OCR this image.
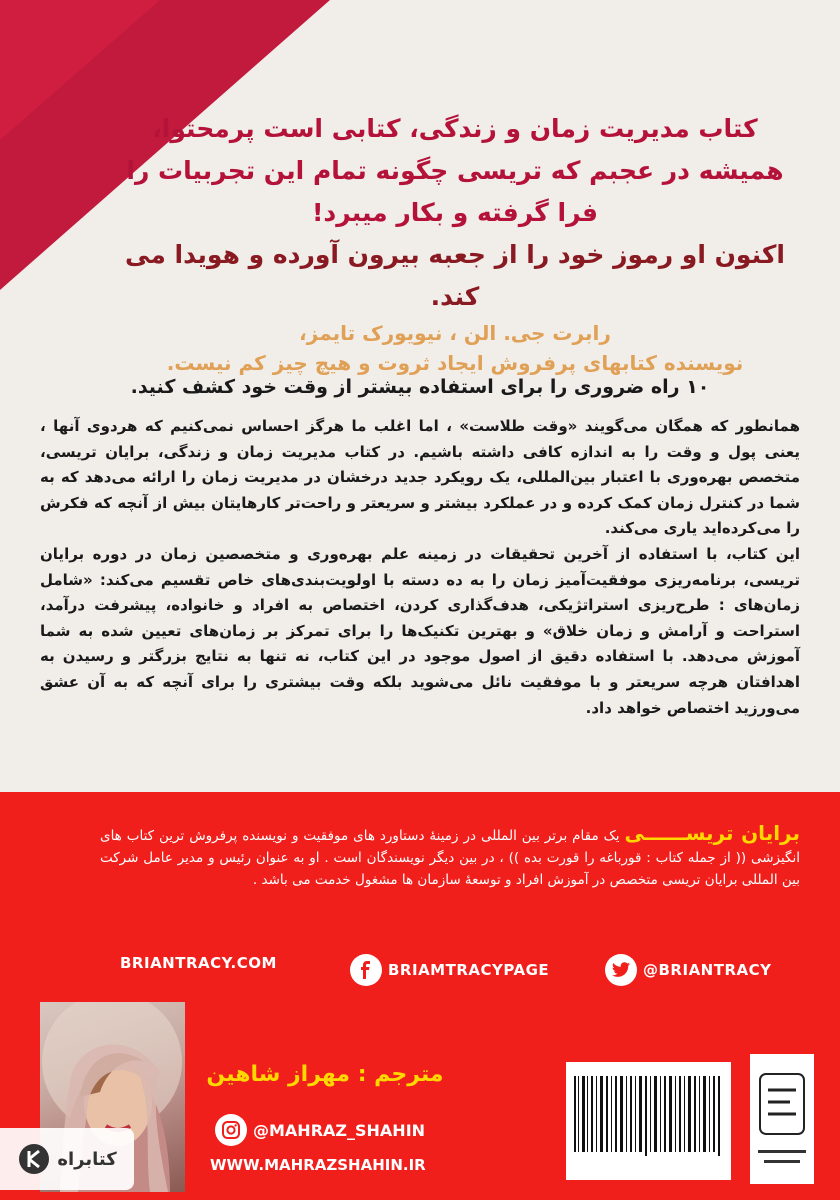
کتاب مدیریت زمان و زندگی، کتابی است پرمحتوا،

همیشه در عجبم که تریسی چگونه تمام این تجربیات را

فرا گرفته و بکار میبرد!

اکنون او رموز خود را از جعبه بیرون آورده و هویدا می کند.

رابرت جی. الن ، نیویورک تایمز،

نویسنده کتابهای پرفروش ایجاد ثروت و هیچ چیز کم نیست.

۱۰ راه ضروری را برای استفاده بیشتر از وقت خود کشف کنید.

همانطور که همگان می‌گویند «وقت طلاست» ، اما اغلب ما هرگز احساس نمی‌کنیم که هردوی آنها ، یعنی پول و وقت را به اندازه کافی داشته باشیم. در کتاب مدیریت زمان و زندگی، برایان تریسی، متخصص بهره‌وری با اعتبار بین‌المللی، یک رویکرد جدید درخشان در مدیریت زمان را ارائه می‌دهد که به شما در کنترل زمان کمک کرده و در عملکرد بیشتر و سریعتر و راحت‌تر کارهایتان بیش از آنچه که فکرش را می‌کرده‌اید یاری می‌کند.

این کتاب، با استفاده از آخرین تحقیقات در زمینه علم بهره‌وری و متخصصین زمان در دوره برایان تریسی، برنامه‌ریزی موفقیت‌آمیز زمان را به ده دسته با اولویت‌بندی‌های خاص تقسیم می‌کند: «شامل زمان‌های : طرح‌ریزی استراتژیکی، هدف‌گذاری کردن، اختصاص به افراد و خانواده، پیشرفت درآمد، استراحت و آرامش و زمان خلاق» و بهترین تکنیک‌ها را برای تمرکز بر زمان‌های تعیین شده به شما آموزش می‌دهد. با استفاده دقیق از اصول موجود در این کتاب، نه تنها به نتایج بزرگتر و رسیدن به اهدافتان هرچه سریعتر و با موفقیت نائل می‌شوید بلکه وقت بیشتری را برای آنچه که به آن عشق می‌ورزید اختصاص خواهد داد.

برایان تریســــــی یک مقام برتر بین المللی در زمینۀ دستاورد های موفقیت و نویسنده پرفروش ترین کتاب های انگیزشی (( از جمله کتاب : قورباغه را قورت بده )) ، در بین دیگر نویسندگان است . او به عنوان رئیس و مدیر عامل شرکت بین المللی برایان تریسی متخصص در آموزش افراد و توسعۀ سازمان ها مشغول خدمت می باشد .
BRIANTRACY.COM	BRIAMTRACYPAGE	@BRIANTRACY
مترجم : مهراز شاهین
@MAHRAZ_SHAHIN
WWW.MAHRAZSHAHIN.IR
کتابراه
